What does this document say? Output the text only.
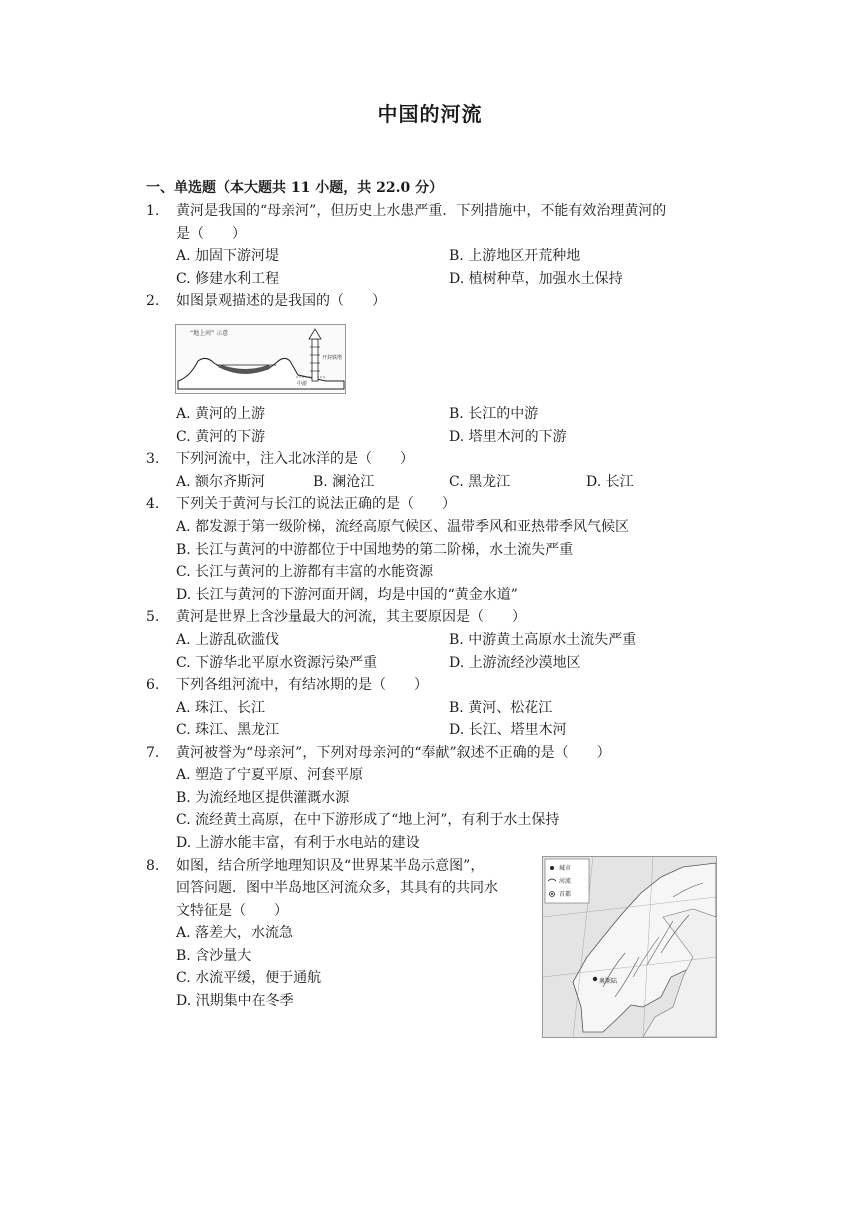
中国的河流
一、单选题（本大题共 11 小题，共 22.0 分）
1. 黄河是我国的“母亲河”，但历史上水患严重．下列措施中，不能有效治理黄河的
是（　　）
A. 加固下游河堤	B. 上游地区开荒种地
C. 修建水利工程	D. 植树种草，加强水土保持
2. 如图景观描述的是我国的（　　）
“地上河” 示意
开封铁塔
中游
A. 黄河的上游	B. 长江的中游
C. 黄河的下游	D. 塔里木河的下游
3. 下列河流中，注入北冰洋的是（　　）
A. 额尔齐斯河	B. 澜沧江	C. 黑龙江	D. 长江
4. 下列关于黄河与长江的说法正确的是（　　）
A. 都发源于第一级阶梯，流经高原气候区、温带季风和亚热带季风气候区
B. 长江与黄河的中游都位于中国地势的第二阶梯，水土流失严重
C. 长江与黄河的上游都有丰富的水能资源
D. 长江与黄河的下游河面开阔，均是中国的“黄金水道”
5. 黄河是世界上含沙量最大的河流，其主要原因是（　　）
A. 上游乱砍滥伐	B. 中游黄土高原水土流失严重
C. 下游华北平原水资源污染严重	D. 上游流经沙漠地区
6. 下列各组河流中，有结冰期的是（　　）
A. 珠江、长江	B. 黄河、松花江
C. 珠江、黑龙江	D. 长江、塔里木河
7. 黄河被誉为“母亲河”，下列对母亲河的“奉献”叙述不正确的是（　　）
A. 塑造了宁夏平原、河套平原
B. 为流经地区提供灌溉水源
C. 流经黄土高原，在中下游形成了“地上河”，有利于水土保持
D. 上游水能丰富，有利于水电站的建设
8. 如图，结合所学地理知识及“世界某半岛示意图”，
回答问题．图中半岛地区河流众多，其具有的共同水
文特征是（　　）
A. 落差大，水流急
B. 含沙量大
C. 水流平缓，便于通航
D. 汛期集中在冬季
城市
河流
首都
奥斯陆
